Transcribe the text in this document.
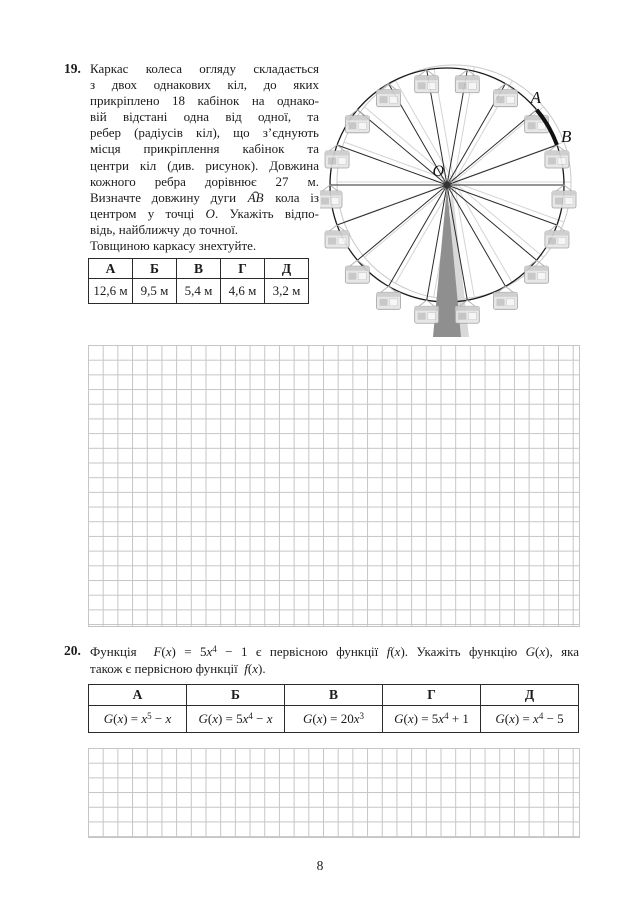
19. Каркас колеса огляду складається
з двох однакових кіл, до яких
прикріплено 18 кабінок на однако-
вій відстані одна від одної, та
ребер (радіусів кіл), що з’єднують
місця прикріплення кабінок та
центри кіл (див. рисунок). Довжина
кожного ребра дорівнює 27 м.
Визначте довжину дуги ⌢ AB кола із
центром у точці O. Укажіть відпо-
відь, найближчу до точної.
Товщиною каркасу знехтуйте.
А	Б	В	Г	Д
12,6 м	9,5 м	5,4 м	4,6 м	3,2 м
A
B
O
20. Функція  $F(x) = 5x^4 - 1$ є первісною функції f(x). Укажіть функцію G(x), яка
також є первісною функції  f(x).
А	Б	В	Г	Д
$G(x) = x^5 - x$	$G(x) = 5x^4 - x$	$G(x) = 20x^3$	$G(x) = 5x^4 + 1$	$G(x) = x^4 - 5$
8
